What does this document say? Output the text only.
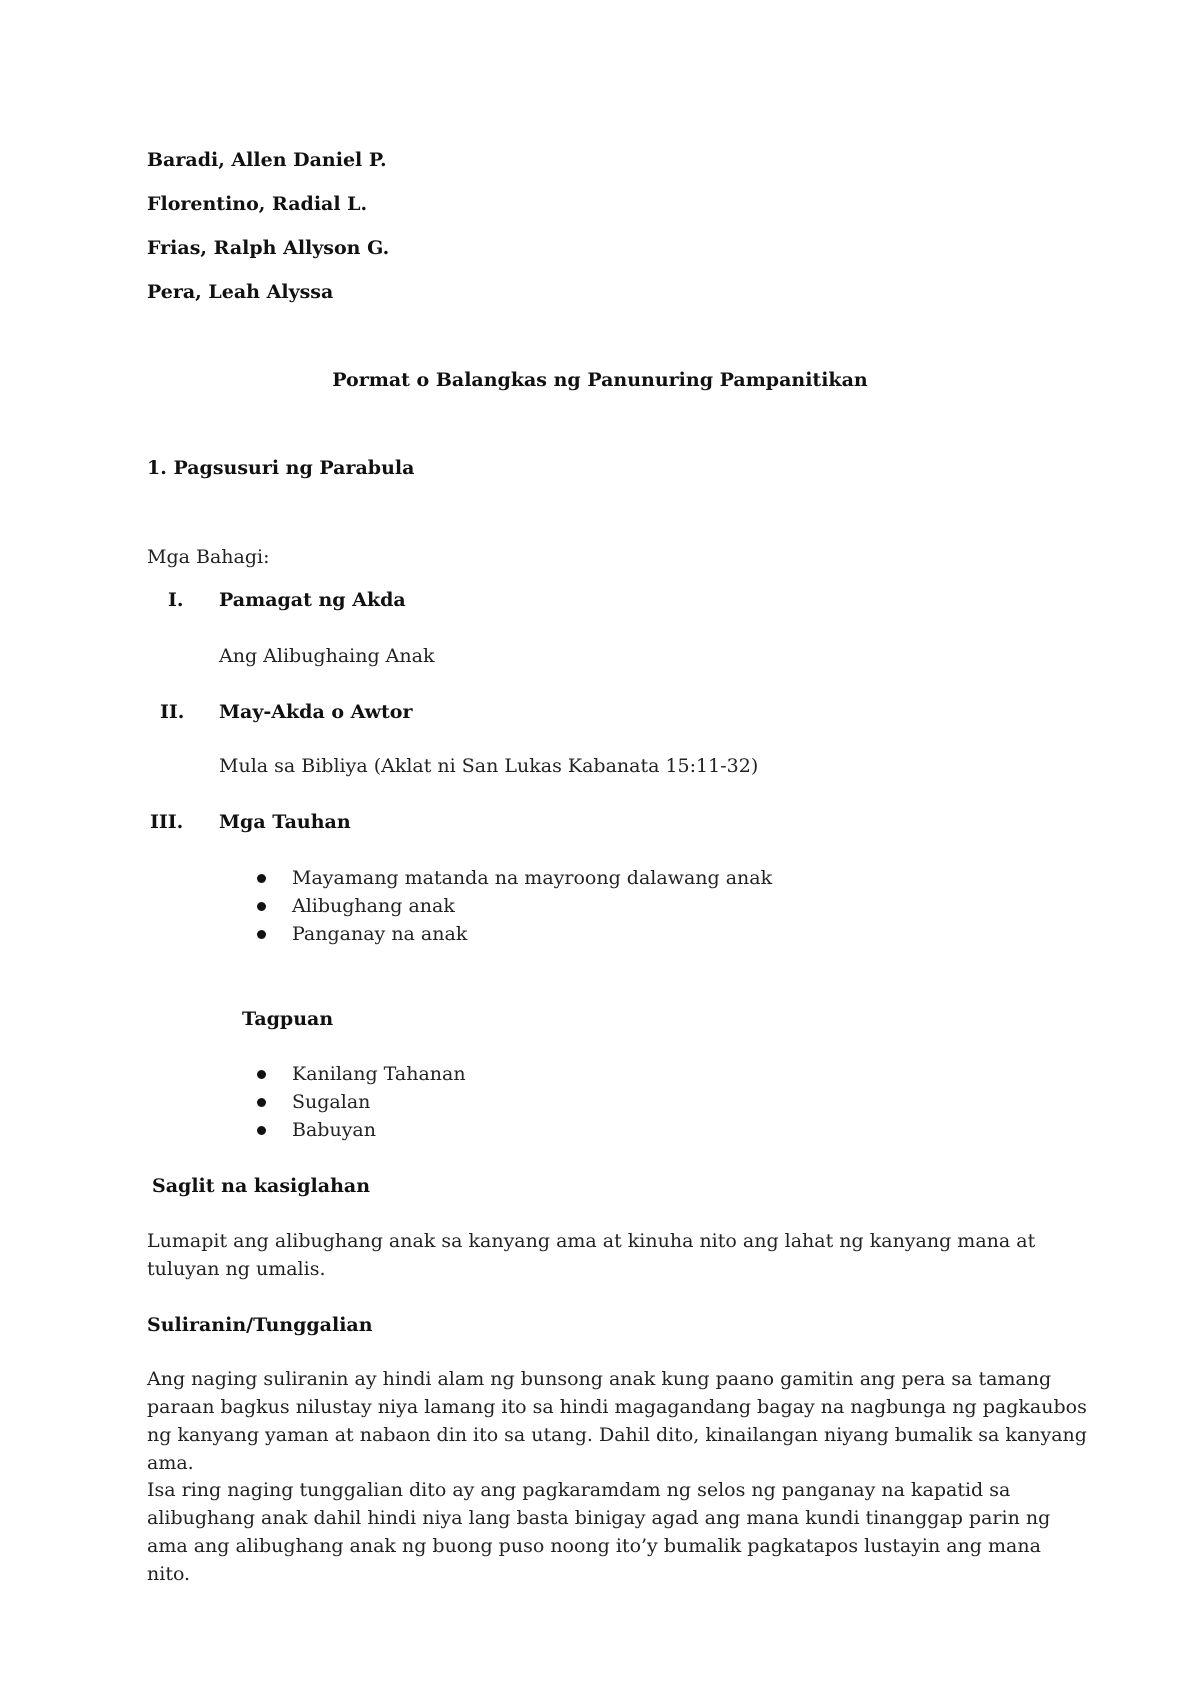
Baradi, Allen Daniel P.
Florentino, Radial L.
Frias, Ralph Allyson G.
Pera, Leah Alyssa
Pormat o Balangkas ng Panunuring Pampanitikan
1. Pagsusuri ng Parabula
Mga Bahagi:
I. Pamagat ng Akda
Ang Alibughaing Anak
II. May-Akda o Awtor
Mula sa Bibliya (Aklat ni San Lukas Kabanata 15:11-32)
III. Mga Tauhan
Mayamang matanda na mayroong dalawang anak
Alibughang anak
Panganay na anak
Tagpuan
Kanilang Tahanan
Sugalan
Babuyan
Saglit na kasiglahan
Lumapit ang alibughang anak sa kanyang ama at kinuha nito ang lahat ng kanyang mana at tuluyan ng umalis.
Suliranin/Tunggalian
Ang naging suliranin ay hindi alam ng bunsong anak kung paano gamitin ang pera sa tamang paraan bagkus nilustay niya lamang ito sa hindi magagandang bagay na nagbunga ng pagkaubos ng kanyang yaman at nabaon din ito sa utang. Dahil dito, kinailangan niyang bumalik sa kanyang ama.
Isa ring naging tunggalian dito ay ang pagkaramdam ng selos ng panganay na kapatid sa alibughang anak dahil hindi niya lang basta binigay agad ang mana kundi tinanggap parin ng ama ang alibughang anak ng buong puso noong ito’y bumalik pagkatapos lustayin ang mana nito.
